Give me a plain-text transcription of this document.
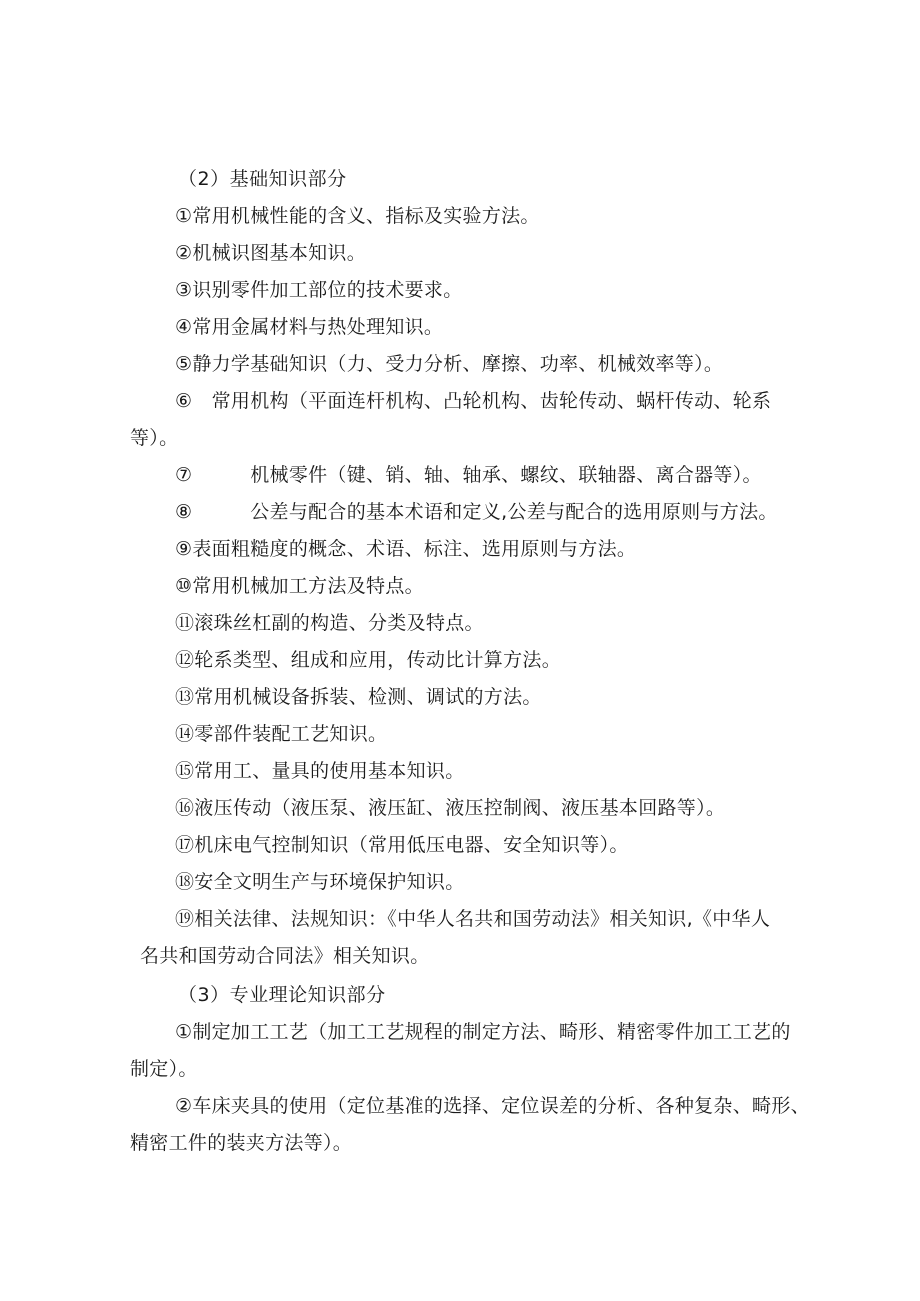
（2）基础知识部分
①常用机械性能的含义、指标及实验方法。
②机械识图基本知识。
③识别零件加工部位的技术要求。
④常用金属材料与热处理知识。
⑤静力学基础知识（力、受力分析、摩擦、功率、机械效率等）。
⑥　常用机构（平面连杆机构、凸轮机构、齿轮传动、蜗杆传动、轮系
等）。
⑦　　　机械零件（键、销、轴、轴承、螺纹、联轴器、离合器等）。
⑧　　　公差与配合的基本术语和定义,公差与配合的选用原则与方法。
⑨表面粗糙度的概念、术语、标注、选用原则与方法。
⑩常用机械加工方法及特点。
⑪滚珠丝杠副的构造、分类及特点。
⑫轮系类型、组成和应用，传动比计算方法。
⑬常用机械设备拆装、检测、调试的方法。
⑭零部件装配工艺知识。
⑮常用工、量具的使用基本知识。
⑯液压传动（液压泵、液压缸、液压控制阀、液压基本回路等）。
⑰机床电气控制知识（常用低压电器、安全知识等）。
⑱安全文明生产与环境保护知识。
⑲相关法律、法规知识：《中华人名共和国劳动法》相关知识,《中华人
名共和国劳动合同法》相关知识。
（3）专业理论知识部分
①制定加工工艺（加工工艺规程的制定方法、畸形、精密零件加工工艺的
制定）。
②车床夹具的使用（定位基准的选择、定位误差的分析、各种复杂、畸形、
精密工件的装夹方法等）。
